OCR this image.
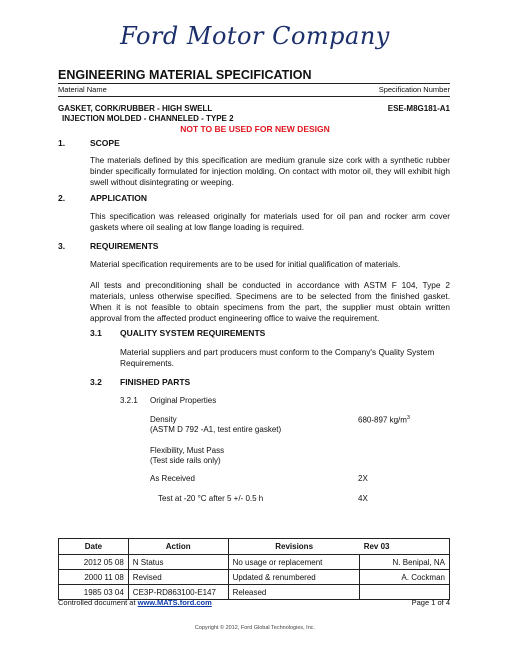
Ford Motor Company
ENGINEERING MATERIAL SPECIFICATION
Material Name	Specification Number
GASKET, CORK/RUBBER - HIGH SWELL
INJECTION MOLDED - CHANNELED - TYPE 2
ESE-M8G181-A1
NOT TO BE USED FOR NEW DESIGN
1.	SCOPE
The materials defined by this specification are medium granule size cork with a synthetic rubber binder specifically formulated for injection molding. On contact with motor oil, they will exhibit high swell without disintegrating or weeping.
2.	APPLICATION
This specification was released originally for materials used for oil pan and rocker arm cover gaskets where oil sealing at low flange loading is required.
3.	REQUIREMENTS
Material specification requirements are to be used for initial qualification of materials.
All tests and preconditioning shall be conducted in accordance with ASTM F 104, Type 2 materials, unless otherwise specified. Specimens are to be selected from the finished gasket. When it is not feasible to obtain specimens from the part, the supplier must obtain written approval from the affected product engineering office to waive the requirement.
3.1 QUALITY SYSTEM REQUIREMENTS
Material suppliers and part producers must conform to the Company's Quality System Requirements.
3.2 FINISHED PARTS
3.2.1 Original Properties
Density
(ASTM D 792 -A1, test entire gasket)
680-897 $kg/m^3$
Flexibility, Must Pass
(Test side rails only)
As Received	2X
Test at -20 °C after 5 +/- 0.5 h	4X
Date	Action	Revisions	Rev 03
2012 05 08	N Status	No usage or replacement	N. Benipal, NA
2000 11 08	Revised	Updated & renumbered	A. Cockman
1985 03 04	CE3P-RD863100-E147	Released	
Controlled document at www.MATS.ford.com	Page 1 of 4
Copyright © 2012, Ford Global Technologies, Inc.
